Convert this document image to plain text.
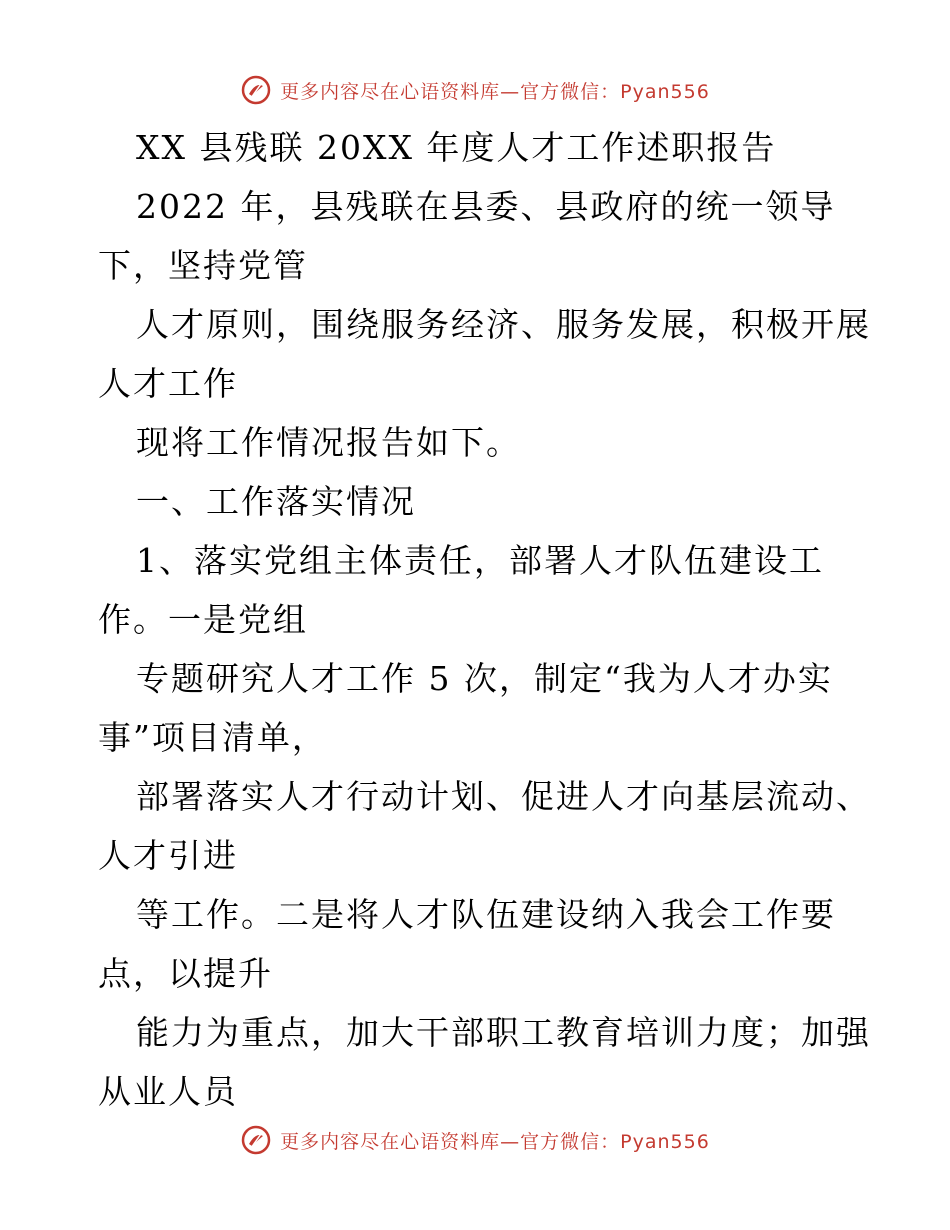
更多内容尽在心语资料库—官方微信：Pyan556
XX 县残联 20XX 年度人才工作述职报告
2022 年，县残联在县委、县政府的统一领导
下，坚持党管
人才原则，围绕服务经济、服务发展，积极开展
人才工作
现将工作情况报告如下。
一、工作落实情况
1、落实党组主体责任，部署人才队伍建设工
作。一是党组
专题研究人才工作 5 次，制定“我为人才办实
事”项目清单，
部署落实人才行动计划、促进人才向基层流动、
人才引进
等工作。二是将人才队伍建设纳入我会工作要
点，以提升
能力为重点，加大干部职工教育培训力度；加强
从业人员
更多内容尽在心语资料库—官方微信：Pyan556
